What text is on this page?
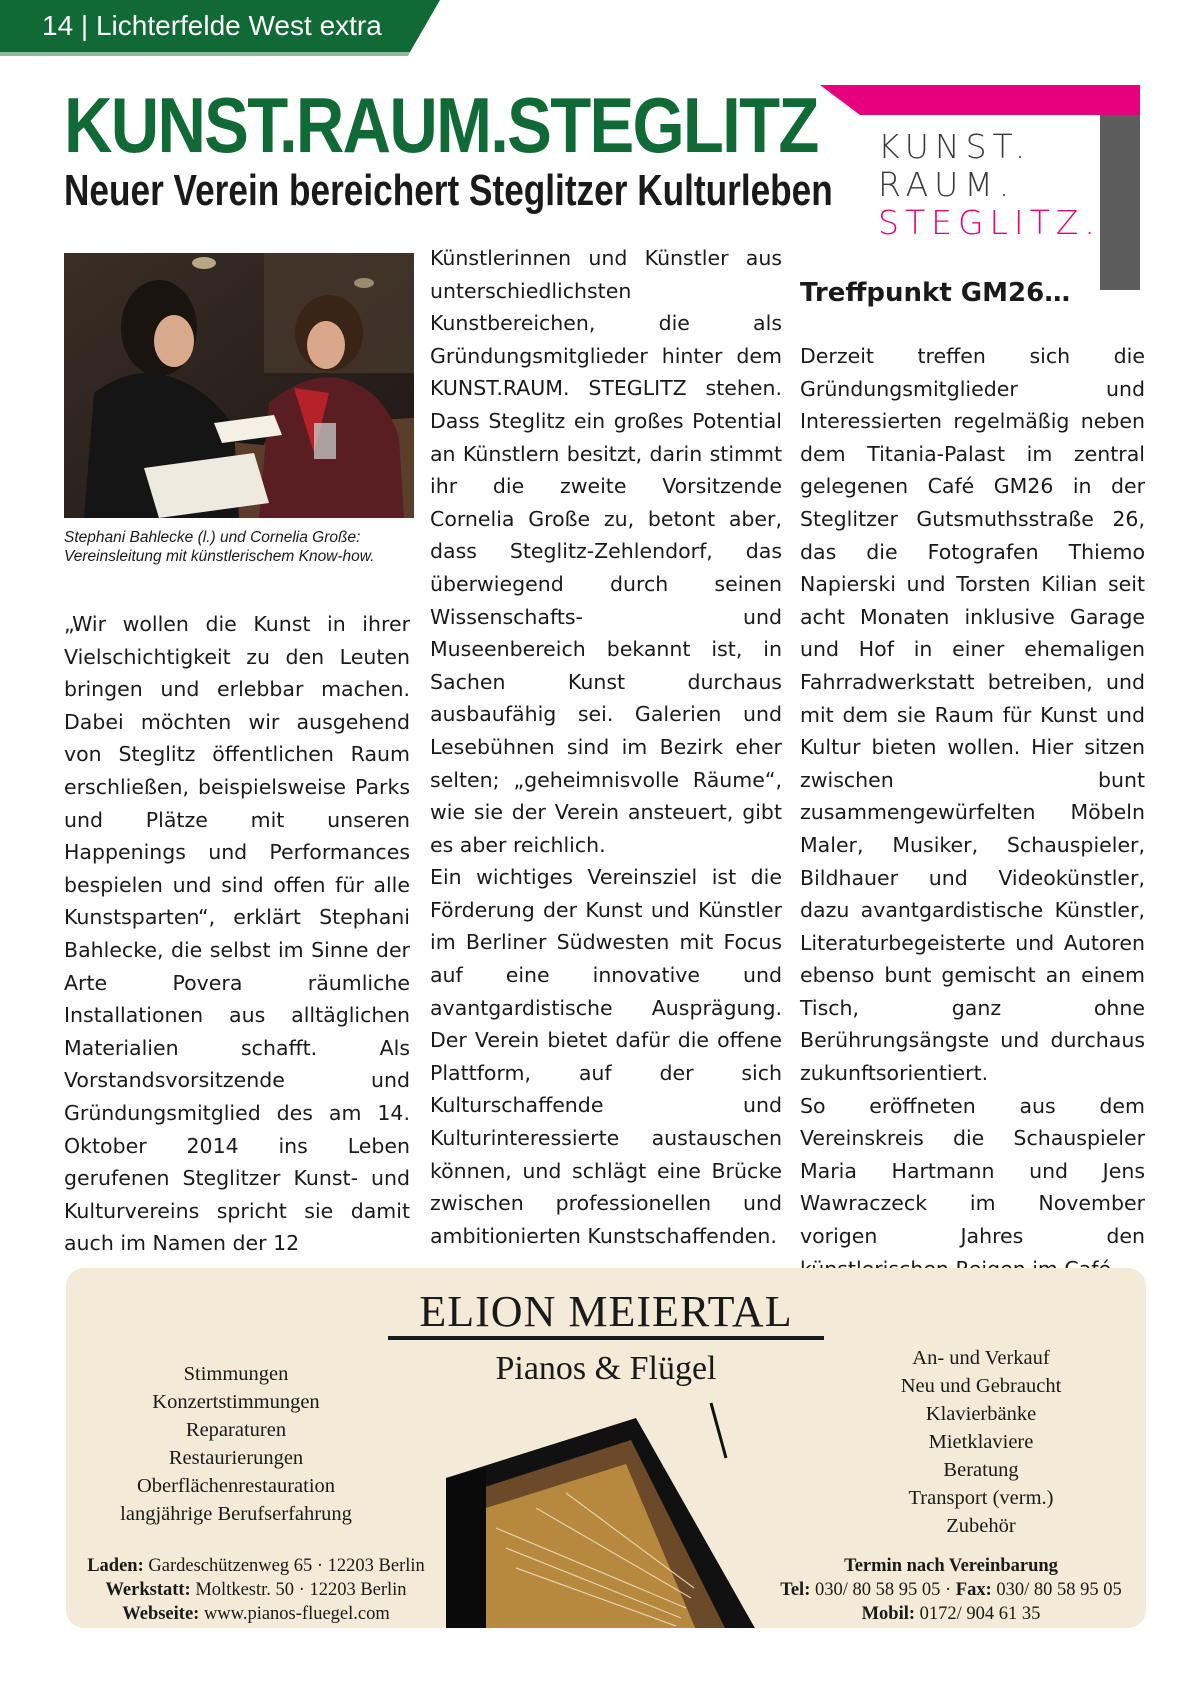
14 | Lichterfelde West extra
KUNST.RAUM.STEGLITZ
Neuer Verein bereichert Steglitzer Kulturleben
KUNST.
RAUM.
STEGLITZ.
Stephani Bahlecke (l.) und Cornelia Große: Vereinsleitung mit künstlerischem Know-how.

„Wir wollen die Kunst in ihrer Vielschichtigkeit zu den Leuten bringen und erlebbar machen. Dabei möchten wir ausgehend von Steglitz öffentlichen Raum erschließen, beispielsweise Parks und Plätze mit unseren Happenings und Performances bespielen und sind offen für alle Kunstsparten“, erklärt Stephani Bahlecke, die selbst im Sinne der Arte Povera räumliche Installationen aus alltäglichen Materialien schafft. Als Vorstandsvorsitzende und Gründungsmitglied des am 14. Oktober 2014 ins Leben gerufenen Steglitzer Kunst- und Kulturvereins spricht sie damit auch im Namen der 12

Künstlerinnen und Künstler aus unterschiedlichsten Kunstbereichen, die als Gründungsmitglieder hinter dem KUNST.RAUM. STEGLITZ stehen. Dass Steglitz ein großes Potential an Künstlern besitzt, darin stimmt ihr die zweite Vorsitzende Cornelia Große zu, betont aber, dass Steglitz-Zehlendorf, das überwiegend durch seinen Wissenschafts- und Museenbereich bekannt ist, in Sachen Kunst durchaus ausbaufähig sei. Galerien und Lesebühnen sind im Bezirk eher selten; „geheimnisvolle Räume“, wie sie der Verein ansteuert, gibt es aber reichlich.

Ein wichtiges Vereinsziel ist die Förderung der Kunst und Künstler im Berliner Südwesten mit Focus auf eine innovative und avantgardistische Ausprägung. Der Verein bietet dafür die offene Plattform, auf der sich Kulturschaffende und Kulturinteressierte austauschen können, und schlägt eine Brücke zwischen professionellen und ambitionierten Kunstschaffenden.

Treffpunkt GM26…

Derzeit treffen sich die Gründungsmitglieder und Interessierten regelmäßig neben dem Titania-Palast im zentral gelegenen Café GM26 in der Steglitzer Gutsmuthsstraße 26, das die Fotografen Thiemo Napierski und Torsten Kilian seit acht Monaten inklusive Garage und Hof in einer ehemaligen Fahrradwerkstatt betreiben, und mit dem sie Raum für Kunst und Kultur bieten wollen. Hier sitzen zwischen bunt zusammengewürfelten Möbeln Maler, Musiker, Schauspieler, Bildhauer und Videokünstler, dazu avantgardistische Künstler, Literaturbegeisterte und Autoren ebenso bunt gemischt an einem Tisch, ganz ohne Berührungsängste und durchaus zukunftsorientiert.

So eröffneten aus dem Vereinskreis die Schauspieler Maria Hartmann und Jens Wawraczeck im November vorigen Jahres den

ELION MEIERTAL
Pianos & Flügel
Stimmungen
Konzertstimmungen
Reparaturen
Restaurierungen
Oberflächenrestauration
langjährige Berufserfahrung
An- und Verkauf
Neu und Gebraucht
Klavierbänke
Mietklaviere
Beratung
Transport (verm.)
Zubehör
Laden: Gardeschützenweg 65 · 12203 Berlin
Werkstatt: Moltkestr. 50 · 12203 Berlin
Webseite: www.pianos-fluegel.com
Termin nach Vereinbarung
Tel: 030/ 80 58 95 05 · Fax: 030/ 80 58 95 05
Mobil: 0172/ 904 61 35
